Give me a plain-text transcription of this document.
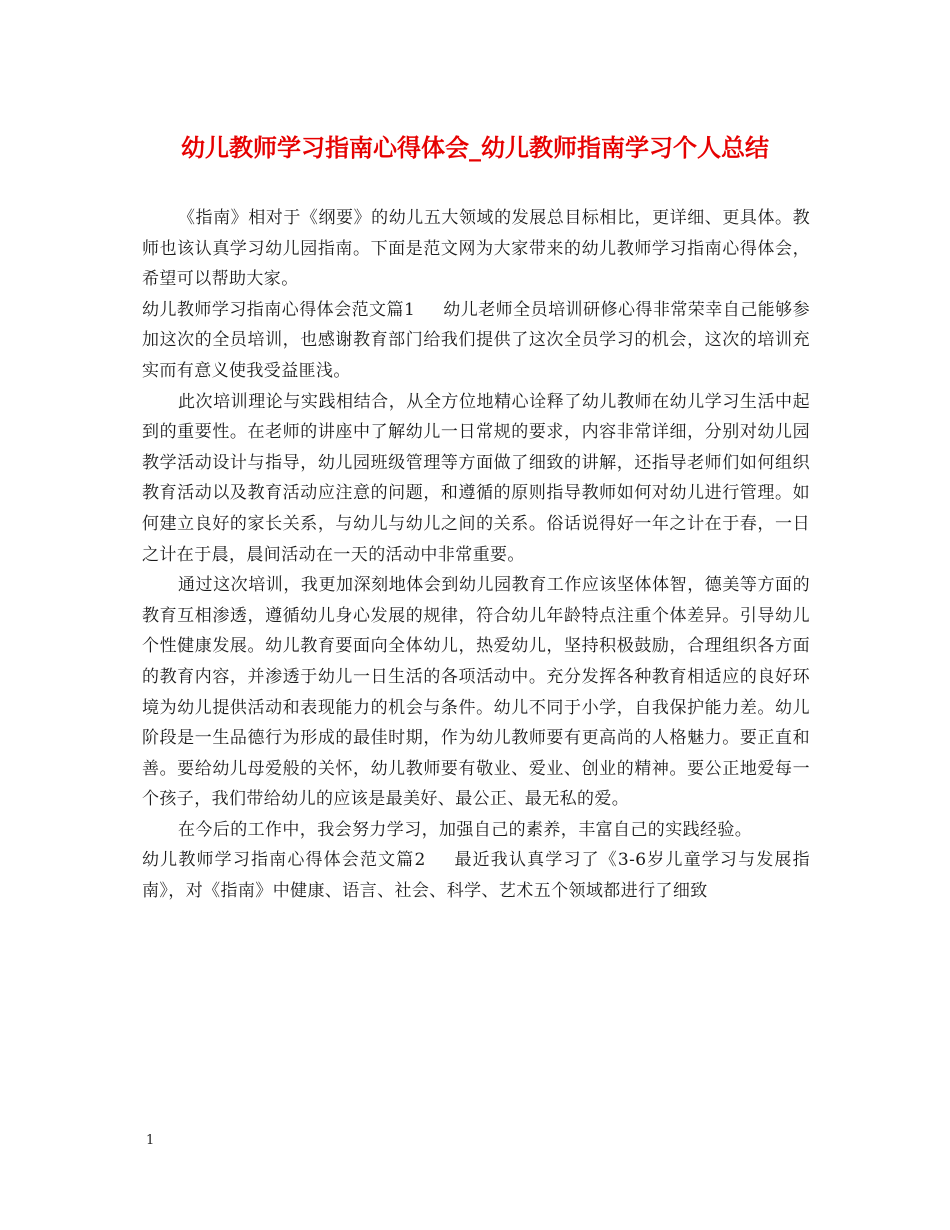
幼儿教师学习指南心得体会_幼儿教师指南学习个人总结

《指南》相对于《纲要》的幼儿五大领域的发展总目标相比，更详细、更具体。教师也该认真学习幼儿园指南。下面是范文网为大家带来的幼儿教师学习指南心得体会，希望可以帮助大家。

幼儿教师学习指南心得体会范文篇1 幼儿老师全员培训研修心得非常荣幸自己能够参加这次的全员培训，也感谢教育部门给我们提供了这次全员学习的机会，这次的培训充实而有意义使我受益匪浅。

此次培训理论与实践相结合，从全方位地精心诠释了幼儿教师在幼儿学习生活中起到的重要性。在老师的讲座中了解幼儿一日常规的要求，内容非常详细，分别对幼儿园教学活动设计与指导，幼儿园班级管理等方面做了细致的讲解，还指导老师们如何组织教育活动以及教育活动应注意的问题，和遵循的原则指导教师如何对幼儿进行管理。如何建立良好的家长关系，与幼儿与幼儿之间的关系。俗话说得好一年之计在于春，一日之计在于晨，晨间活动在一天的活动中非常重要。

通过这次培训，我更加深刻地体会到幼儿园教育工作应该坚体体智，德美等方面的教育互相渗透，遵循幼儿身心发展的规律，符合幼儿年龄特点注重个体差异。引导幼儿个性健康发展。幼儿教育要面向全体幼儿，热爱幼儿，坚持积极鼓励，合理组织各方面的教育内容，并渗透于幼儿一日生活的各项活动中。充分发挥各种教育相适应的良好环境为幼儿提供活动和表现能力的机会与条件。幼儿不同于小学，自我保护能力差。幼儿阶段是一生品德行为形成的最佳时期，作为幼儿教师要有更高尚的人格魅力。要正直和善。要给幼儿母爱般的关怀，幼儿教师要有敬业、爱业、创业的精神。要公正地爱每一个孩子，我们带给幼儿的应该是最美好、最公正、最无私的爱。

在今后的工作中，我会努力学习，加强自己的素养，丰富自己的实践经验。

幼儿教师学习指南心得体会范文篇2 最近我认真学习了《3-6岁儿童学习与发展指南》，对《指南》中健康、语言、社会、科学、艺术五个领域都进行了细致

1
